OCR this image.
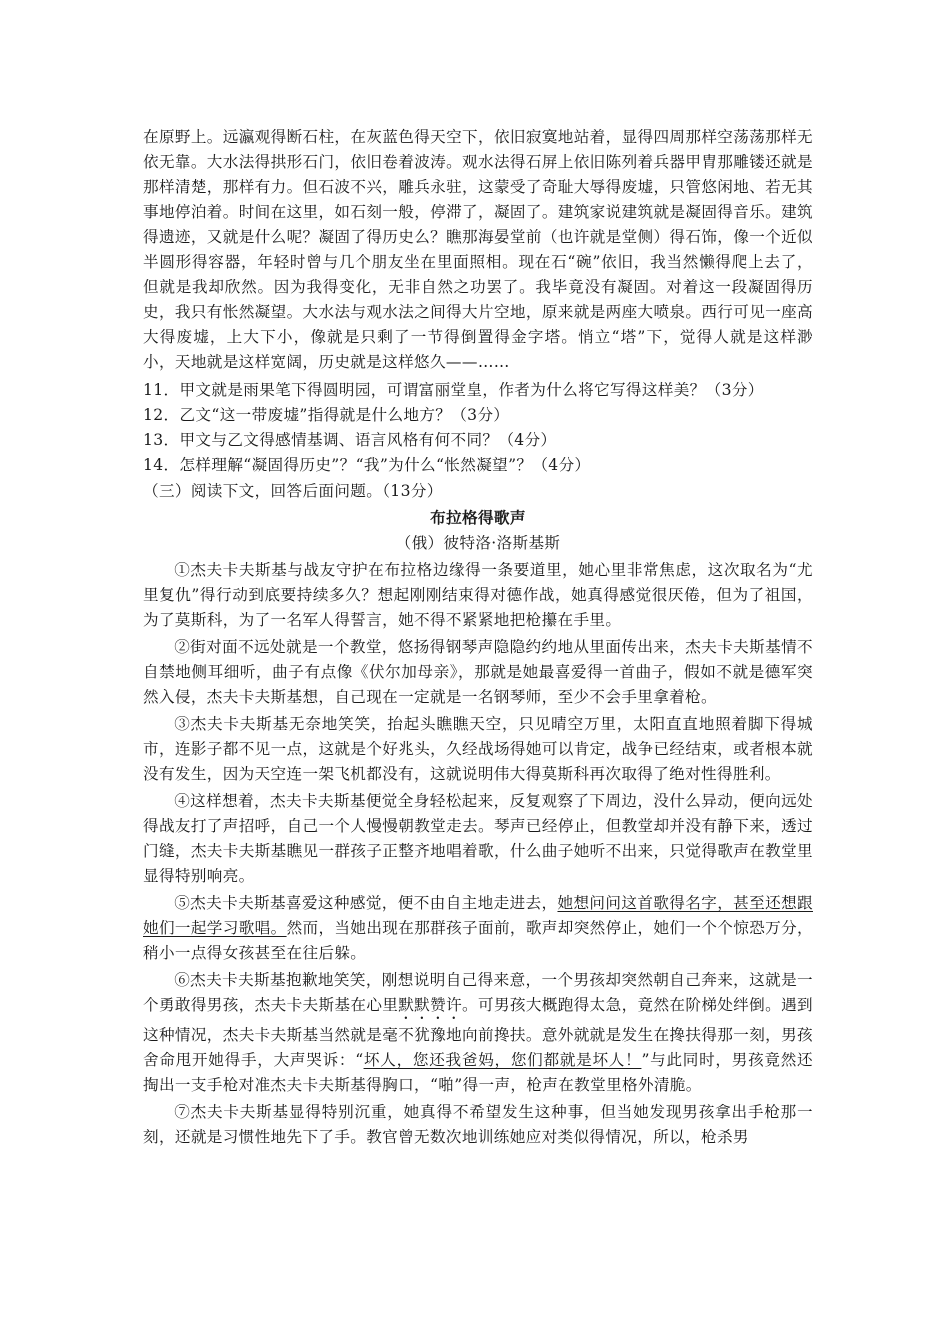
在原野上。远瀛观得断石柱，在灰蓝色得天空下，依旧寂寞地站着，显得四周那样空荡荡那样无依无靠。大水法得拱形石门，依旧卷着波涛。观水法得石屏上依旧陈列着兵器甲胄那雕镂还就是那样清楚，那样有力。但石波不兴，雕兵永驻，这蒙受了奇耻大辱得废墟，只管悠闲地、若无其事地停泊着。时间在这里，如石刻一般，停滞了，凝固了。建筑家说建筑就是凝固得音乐。建筑得遗迹，又就是什么呢？凝固了得历史么？瞧那海晏堂前（也许就是堂侧）得石饰，像一个近似半圆形得容器，年轻时曾与几个朋友坐在里面照相。现在石“碗”依旧，我当然懒得爬上去了，但就是我却欣然。因为我得变化，无非自然之功罢了。我毕竟没有凝固。对着这一段凝固得历史，我只有怅然凝望。大水法与观水法之间得大片空地，原来就是两座大喷泉。西行可见一座高大得废墟，上大下小，像就是只剩了一节得倒置得金字塔。悄立“塔”下，觉得人就是这样渺小，天地就是这样宽阔，历史就是这样悠久——……

11．甲文就是雨果笔下得圆明园，可谓富丽堂皇，作者为什么将它写得这样美？（3分）

12．乙文“这一带废墟”指得就是什么地方？（3分）

13．甲文与乙文得感情基调、语言风格有何不同？（4分）

14．怎样理解“凝固得历史”？“我”为什么“怅然凝望”？（4分）

（三）阅读下文，回答后面问题。（13分）

布拉格得歌声

（俄）彼特洛·洛斯基斯

①杰夫卡夫斯基与战友守护在布拉格边缘得一条要道里，她心里非常焦虑，这次取名为“尤里复仇”得行动到底要持续多久？想起刚刚结束得对德作战，她真得感觉很厌倦，但为了祖国，为了莫斯科，为了一名军人得誓言，她不得不紧紧地把枪攥在手里。

②街对面不远处就是一个教堂，悠扬得钢琴声隐隐约约地从里面传出来，杰夫卡夫斯基情不自禁地侧耳细听，曲子有点像《伏尔加母亲》，那就是她最喜爱得一首曲子，假如不就是德军突然入侵，杰夫卡夫斯基想，自己现在一定就是一名钢琴师，至少不会手里拿着枪。

③杰夫卡夫斯基无奈地笑笑，抬起头瞧瞧天空，只见晴空万里，太阳直直地照着脚下得城市，连影子都不见一点，这就是个好兆头，久经战场得她可以肯定，战争已经结束，或者根本就没有发生，因为天空连一架飞机都没有，这就说明伟大得莫斯科再次取得了绝对性得胜利。

④这样想着，杰夫卡夫斯基便觉全身轻松起来，反复观察了下周边，没什么异动，便向远处得战友打了声招呼，自己一个人慢慢朝教堂走去。琴声已经停止，但教堂却并没有静下来，透过门缝，杰夫卡夫斯基瞧见一群孩子正整齐地唱着歌，什么曲子她听不出来，只觉得歌声在教堂里显得特别响亮。

⑤杰夫卡夫斯基喜爱这种感觉，便不由自主地走进去，她想问问这首歌得名字，甚至还想跟她们一起学习歌唱。然而，当她出现在那群孩子面前，歌声却突然停止，她们一个个惊恐万分，稍小一点得女孩甚至在往后躲。

⑥杰夫卡夫斯基抱歉地笑笑，刚想说明自己得来意，一个男孩却突然朝自己奔来，这就是一个勇敢得男孩，杰夫卡夫斯基在心里默默赞许。可男孩大概跑得太急，竟然在阶梯处绊倒。遇到这种情况，杰夫卡夫斯基当然就是毫不犹豫地向前搀扶。意外就就是发生在搀扶得那一刻，男孩舍命甩开她得手，大声哭诉：“坏人，您还我爸妈，您们都就是坏人！”与此同时，男孩竟然还掏出一支手枪对准杰夫卡夫斯基得胸口，“啪”得一声，枪声在教堂里格外清脆。

⑦杰夫卡夫斯基显得特别沉重，她真得不希望发生这种事，但当她发现男孩拿出手枪那一刻，还就是习惯性地先下了手。教官曾无数次地训练她应对类似得情况，所以，枪杀男
